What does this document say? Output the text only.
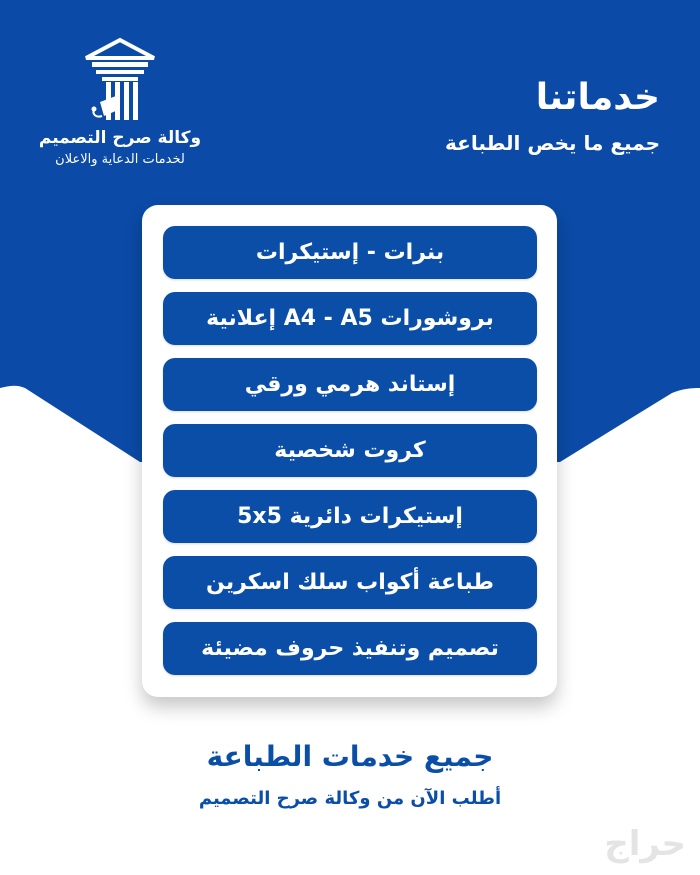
وكالة صرح التصميم
لخدمات الدعاية والاعلان
خدماتنا
جميع ما يخص الطباعة
بنرات - إستيكرات
بروشورات A4 - A5 إعلانية
إستاند هرمي ورقي
كروت شخصية
إستيكرات دائرية 5x5
طباعة أكواب سلك اسكرين
تصميم وتنفيذ حروف مضيئة
جميع خدمات الطباعة
أطلب الآن من وكالة صرح التصميم
حراج
